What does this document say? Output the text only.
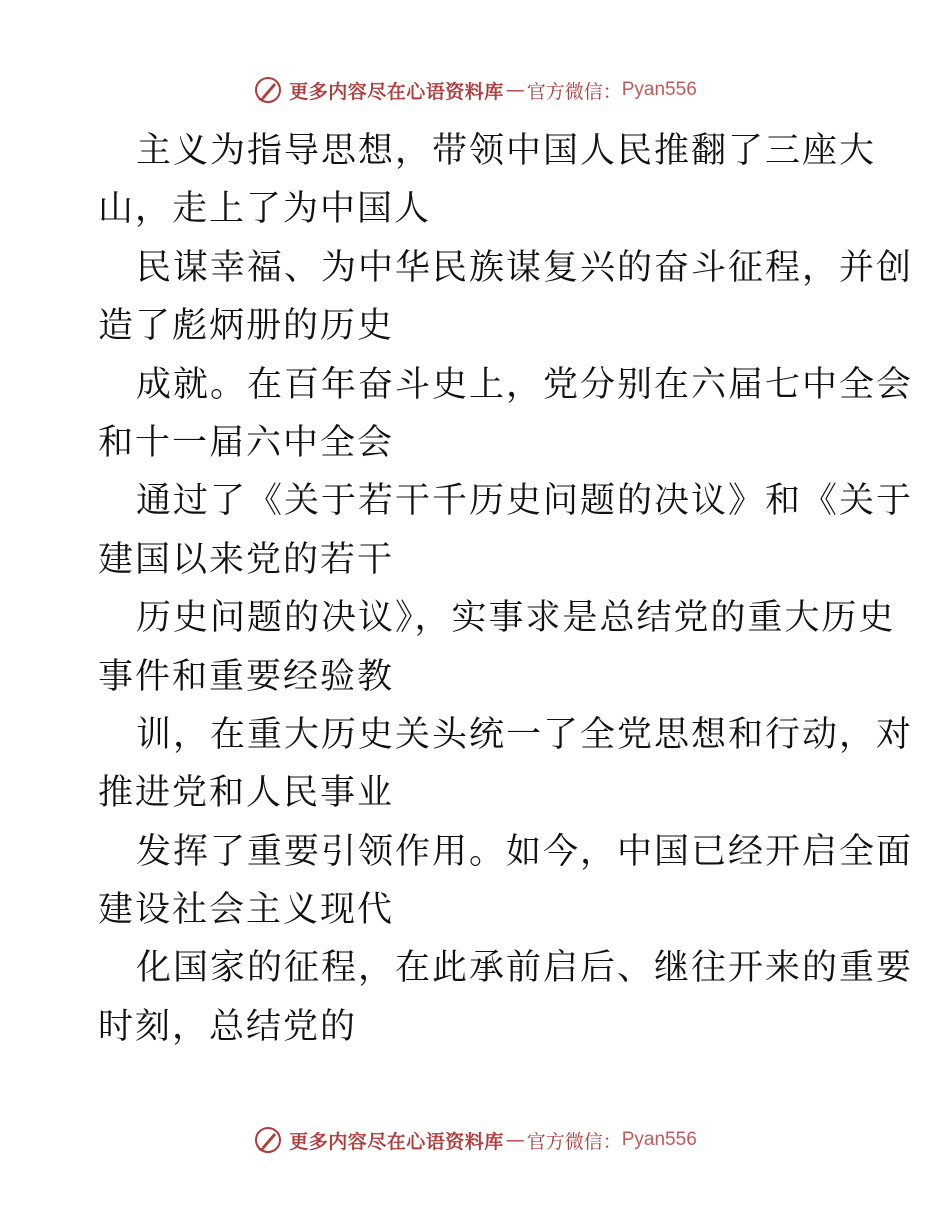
更多内容尽在心语资料库 — 官方微信： Pyan556
主义为指导思想，带领中国人民推翻了三座大
山，走上了为中国人
民谋幸福、为中华民族谋复兴的奋斗征程，并创
造了彪炳册的历史
成就。在百年奋斗史上，党分别在六届七中全会
和十一届六中全会
通过了《关于若干千历史问题的决议》和《关于
建国以来党的若干
历史问题的决议》，实事求是总结党的重大历史
事件和重要经验教
训，在重大历史关头统一了全党思想和行动，对
推进党和人民事业
发挥了重要引领作用。如今，中国已经开启全面
建设社会主义现代
化国家的征程，在此承前启后、继往开来的重要
时刻，总结党的
更多内容尽在心语资料库 — 官方微信： Pyan556
